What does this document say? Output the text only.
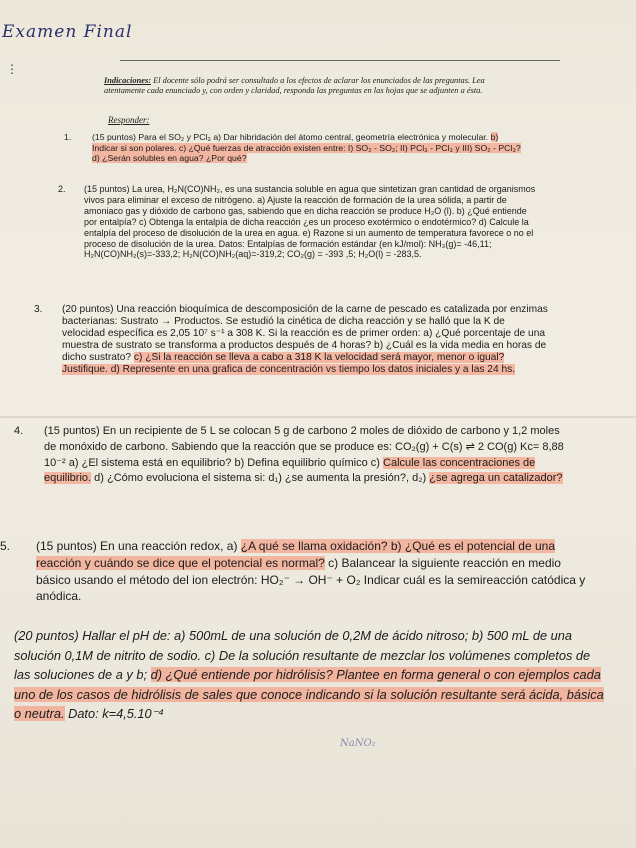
Examen Final
⋮
Indicaciones: El docente sólo podrá ser consultado a los efectos de aclarar los enunciados de las preguntas. Lea atentamente cada enunciado y, con orden y claridad, responda las preguntas en las hojas que se adjunten a ésta.
Responder:
1. (15 puntos) Para el SO₂ y PCl₃ a) Dar hibridación del átomo central, geometría electrónica y molecular. b) Indicar si son polares. c) ¿Qué fuerzas de atracción existen entre: I) SO₂ - SO₂; II) PCl₃ - PCl₃ y III) SO₂ - PCl₃? d) ¿Serán solubles en agua? ¿Por qué?
2. (15 puntos) La urea, H₂N(CO)NH₂, es una sustancia soluble en agua que sintetizan gran cantidad de organismos vivos para eliminar el exceso de nitrógeno. a) Ajuste la reacción de formación de la urea sólida, a partir de amoniaco gas y dióxido de carbono gas, sabiendo que en dicha reacción se produce H₂O (l). b) ¿Qué entiende por entalpía? c) Obtenga la entalpía de dicha reacción ¿es un proceso exotérmico o endotérmico? d) Calcule la entalpía del proceso de disolución de la urea en agua. e) Razone si un aumento de temperatura favorece o no el proceso de disolución de la urea. Datos: Entalpías de formación estándar (en kJ/mol): NH₃(g)= -46,11; H₂N(CO)NH₂(s)=-333,2; H₂N(CO)NH₂(aq)=-319,2; CO₂(g) = -393 ,5; H₂O(l) = -283,5.
3. (20 puntos) Una reacción bioquímica de descomposición de la carne de pescado es catalizada por enzimas bacterianas: Sustrato → Productos. Se estudió la cinética de dicha reacción y se halló que la K de velocidad específica es 2,05 10⁷ s⁻¹ a 308 K. Si la reacción es de primer orden: a) ¿Qué porcentaje de una muestra de sustrato se transforma a productos después de 4 horas? b) ¿Cuál es la vida media en horas de dicho sustrato? c) ¿Si la reacción se lleva a cabo a 318 K la velocidad será mayor, menor o igual? Justifique. d) Represente en una grafica de concentración vs tiempo los datos iniciales y a las 24 hs.
4. (15 puntos) En un recipiente de 5 L se colocan 5 g de carbono 2 moles de dióxido de carbono y 1,2 moles de monóxido de carbono. Sabiendo que la reacción que se produce es: CO₂(g) + C(s) ⇌ 2 CO(g) Kc= 8,88 10⁻² a) ¿El sistema está en equilibrio? b) Defina equilibrio químico c) Calcule las concentraciones de equilibrio. d) ¿Cómo evoluciona el sistema si: d₁) ¿se aumenta la presión?, d₂) ¿se agrega un catalizador?
5. (15 puntos) En una reacción redox, a) ¿A qué se llama oxidación? b) ¿Qué es el potencial de una reacción y cuándo se dice que el potencial es normal? c) Balancear la siguiente reacción en medio básico usando el método del ion electrón: HO₂⁻ → OH⁻ + O₂ Indicar cuál es la semireacción catódica y anódica.
(20 puntos) Hallar el pH de: a) 500mL de una solución de 0,2M de ácido nitroso; b) 500 mL de una solución 0,1M de nitrito de sodio. c) De la solución resultante de mezclar los volúmenes completos de las soluciones de a y b; d) ¿Qué entiende por hidrólisis? Plantee en forma general o con ejemplos cada uno de los casos de hidrólisis de sales que conoce indicando si la solución resultante será ácida, básica o neutra. Dato: k=4,5.10⁻⁴
NaNO₂
